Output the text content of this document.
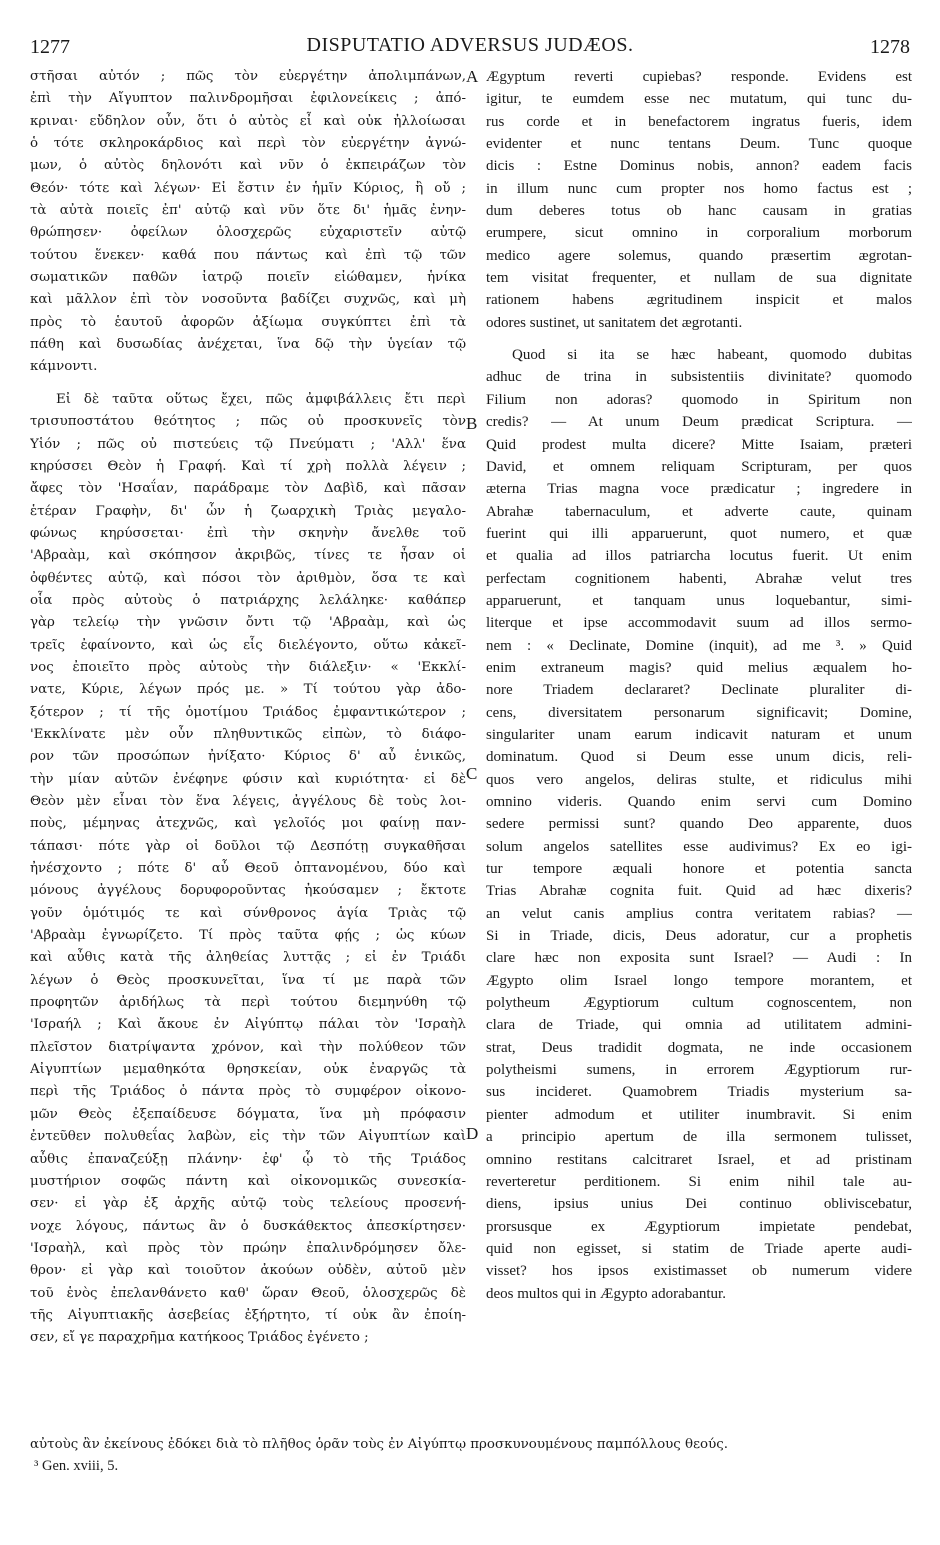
1277	DISPUTATIO ADVERSUS JUDÆOS.	1278
στῆσαι αὐτόν ; πῶς τὸν εὐεργέτην ἀπολιμπάνων,
ἐπὶ τὴν Αἴγυπτον παλινδρομῆσαι ἐφιλονείκεις ; ἀπό-
κριναι· εὔδηλον οὖν, ὅτι ὁ αὐτὸς εἶ καὶ οὐκ ἠλλοίωσαι
ὁ τότε σκληροκάρδιος καὶ περὶ τὸν εὐεργέτην ἀγνώ-
μων, ὁ αὐτὸς δηλονότι καὶ νῦν ὁ ἐκπειράζων τὸν
Θεόν· τότε καὶ λέγων· Εἰ ἔστιν ἐν ἡμῖν Κύριος, ἢ οὔ ;
τὰ αὐτὰ ποιεῖς ἐπ' αὐτῷ καὶ νῦν ὅτε δι' ἡμᾶς ἐνην-
θρώπησεν· ὀφείλων ὁλοσχερῶς εὐχαριστεῖν αὐτῷ
τούτου ἕνεκεν· καθά που πάντως καὶ ἐπὶ τῷ τῶν
σωματικῶν παθῶν ἰατρῷ ποιεῖν εἰώθαμεν, ἡνίκα
καὶ μᾶλλον ἐπὶ τὸν νοσοῦντα βαδίζει συχνῶς, καὶ μὴ
πρὸς τὸ ἑαυτοῦ ἀφορῶν ἀξίωμα συγκύπτει ἐπὶ τὰ
πάθη καὶ δυσωδίας ἀνέχεται, ἵνα δῷ τὴν ὑγείαν τῷ
κάμνοντι.
Εἰ δὲ ταῦτα οὕτως ἔχει, πῶς ἀμφιβάλλεις ἔτι περὶ
τρισυποστάτου θεότητος ; πῶς οὐ προσκυνεῖς τὸν
Υἱόν ; πῶς οὐ πιστεύεις τῷ Πνεύματι ; 'Αλλ' ἕνα
κηρύσσει Θεὸν ἡ Γραφή. Καὶ τί χρὴ πολλὰ λέγειν ;
ἄφες τὸν 'Ησαΐαν, παράδραμε τὸν Δαβὶδ, καὶ πᾶσαν
ἑτέραν Γραφὴν, δι' ὧν ἡ ζωαρχικὴ Τριὰς μεγαλο-
φώνως κηρύσσεται· ἐπὶ τὴν σκηνὴν ἄνελθε τοῦ
'Αβραὰμ, καὶ σκόπησον ἀκριβῶς, τίνες τε ἦσαν οἱ
ὀφθέντες αὐτῷ, καὶ πόσοι τὸν ἀριθμὸν, ὅσα τε καὶ
οἷα πρὸς αὐτοὺς ὁ πατριάρχης λελάληκε· καθάπερ
γὰρ τελείῳ τὴν γνῶσιν ὄντι τῷ 'Αβραὰμ, καὶ ὡς
τρεῖς ἐφαίνοντο, καὶ ὡς εἷς διελέγοντο, οὕτω κἀκεῖ-
νος ἐποιεῖτο πρὸς αὐτοὺς τὴν διάλεξιν· « 'Εκκλί-
νατε, Κύριε, λέγων πρός με. » Τί τούτου γὰρ ἀδο-
ξότερον ; τί τῆς ὁμοτίμου Τριάδος ἐμφαντικώτερον ;
'Εκκλίνατε μὲν οὖν πληθυντικῶς εἰπὼν, τὸ διάφο-
ρον τῶν προσώπων ἠνίξατο· Κύριος δ' αὖ ἑνικῶς,
τὴν μίαν αὐτῶν ἐνέφηνε φύσιν καὶ κυριότητα· εἰ δὲ
Θεὸν μὲν εἶναι τὸν ἕνα λέγεις, ἀγγέλους δὲ τοὺς λοι-
ποὺς, μέμηνας ἀτεχνῶς, καὶ γελοῖός μοι φαίνῃ παν-
τάπασι· πότε γὰρ οἱ δοῦλοι τῷ Δεσπότῃ συγκαθῆσαι
ἠνέσχοντο ; πότε δ' αὖ Θεοῦ ὀπτανομένου, δύο καὶ
μόνους ἀγγέλους δορυφοροῦντας ἠκούσαμεν ; ἔκτοτε
γοῦν ὁμότιμός τε καὶ σύνθρονος ἁγία Τριὰς τῷ
'Αβραὰμ ἐγνωρίζετο. Τί πρὸς ταῦτα φῄς ; ὡς κύων
καὶ αὖθις κατὰ τῆς ἀληθείας λυττᾷς ; εἰ ἐν Τριάδι
λέγων ὁ Θεὸς προσκυνεῖται, ἵνα τί με παρὰ τῶν
προφητῶν ἀριδήλως τὰ περὶ τούτου διεμηνύθη τῷ
'Ισραήλ ; Καὶ ἄκουε ἐν Αἰγύπτῳ πάλαι τὸν 'Ισραὴλ
πλεῖστον διατρίψαντα χρόνον, καὶ τὴν πολύθεον τῶν
Αἰγυπτίων μεμαθηκότα θρησκείαν, οὐκ ἐναργῶς τὰ
περὶ τῆς Τριάδος ὁ πάντα πρὸς τὸ συμφέρον οἰκονο-
μῶν Θεὸς ἐξεπαίδευσε δόγματα, ἵνα μὴ πρόφασιν
ἐντεῦθεν πολυθεΐας λαβὼν, εἰς τὴν τῶν Αἰγυπτίων καὶ
αὖθις ἐπαναζεύξῃ πλάνην· ἐφ' ᾧ τὸ τῆς Τριάδος
μυστήριον σοφῶς πάντη καὶ οἰκονομικῶς συνεσκία-
σεν· εἰ γὰρ ἐξ ἀρχῆς αὐτῷ τοὺς τελείους προσενή-
νοχε λόγους, πάντως ἂν ὁ δυσκάθεκτος ἀπεσκίρτησεν·
'Ισραὴλ, καὶ πρὸς τὸν πρώην ἐπαλινδρόμησεν ὄλε-
θρον· εἰ γὰρ καὶ τοιοῦτον ἀκούων οὐδὲν, αὐτοῦ μὲν
τοῦ ἑνὸς ἐπελανθάνετο καθ' ὥραν Θεοῦ, ὁλοσχερῶς δὲ
τῆς Αἰγυπτιακῆς ἀσεβείας ἐξήρτητο, τί οὐκ ἂν ἐποίη-
σεν, εἴ γε παραχρῆμα κατήκοος Τριάδος ἐγένετο ;
Ægyptum reverti cupiebas? responde. Evidens est
igitur, te eumdem esse nec mutatum, qui tunc du-
rus corde et in benefactorem ingratus fueris, idem
evidenter et nunc tentans Deum. Tunc quoque
dicis : Estne Dominus nobis, annon? eadem facis
in illum nunc cum propter nos homo factus est ;
dum deberes totus ob hanc causam in gratias
erumpere, sicut omnino in corporalium morborum
medico agere solemus, quando præsertim ægrotan-
tem visitat frequenter, et nullam de sua dignitate
rationem habens ægritudinem inspicit et malos
odores sustinet, ut sanitatem det ægrotanti.
Quod si ita se hæc habeant, quomodo dubitas
adhuc de trina in subsistentiis divinitate? quomodo
Filium non adoras? quomodo in Spiritum non
credis? — At unum Deum prædicat Scriptura. —
Quid prodest multa dicere? Mitte Isaiam, præteri
David, et omnem reliquam Scripturam, per quos
æterna Trias magna voce prædicatur ; ingredere in
Abrahæ tabernaculum, et adverte caute, quinam
fuerint qui illi apparuerunt, quot numero, et quæ
et qualia ad illos patriarcha locutus fuerit. Ut enim
perfectam cognitionem habenti, Abrahæ velut tres
apparuerunt, et tanquam unus loquebantur, simi-
literque et ipse accommodavit suum ad illos sermo-
nem : « Declinate, Domine (inquit), ad me ³. » Quid
enim extraneum magis? quid melius æqualem ho-
nore Triadem declararet? Declinate pluraliter di-
cens, diversitatem personarum significavit; Domine,
singulariter unam earum indicavit naturam et unum
dominatum. Quod si Deum esse unum dicis, reli-
quos vero angelos, deliras stulte, et ridiculus mihi
omnino videris. Quando enim servi cum Domino
sedere permissi sunt? quando Deo apparente, duos
solum angelos satellites esse audivimus? Ex eo igi-
tur tempore æquali honore et potentia sancta
Trias Abrahæ cognita fuit. Quid ad hæc dixeris?
an velut canis amplius contra veritatem rabias? —
Si in Triade, dicis, Deus adoratur, cur a prophetis
clare hæc non exposita sunt Israel? — Audi : In
Ægypto olim Israel longo tempore morantem, et
polytheum Ægyptiorum cultum cognoscentem, non
clara de Triade, qui omnia ad utilitatem admini-
strat, Deus tradidit dogmata, ne inde occasionem
polytheismi sumens, in errorem Ægyptiorum rur-
sus incideret. Quamobrem Triadis mysterium sa-
pienter admodum et utiliter inumbravit. Si enim
a principio apertum de illa sermonem tulisset,
omnino restitans calcitraret Israel, et ad pristinam
reverteretur perditionem. Si enim nihil tale au-
diens, ipsius unius Dei continuo obliviscebatur,
prorsusque ex Ægyptiorum impietate pendebat,
quid non egisset, si statim de Triade aperte audi-
visset? hos ipsos existimasset ob numerum videre
deos multos qui in Ægypto adorabantur.
A
B
C
D
αὐτοὺς ἂν ἐκείνους ἐδόκει διὰ τὸ πλῆθος ὁρᾶν τοὺς ἐν Αἰγύπτῳ προσκυνουμένους παμπόλλους θεούς.
³ Gen. xviii, 5.
